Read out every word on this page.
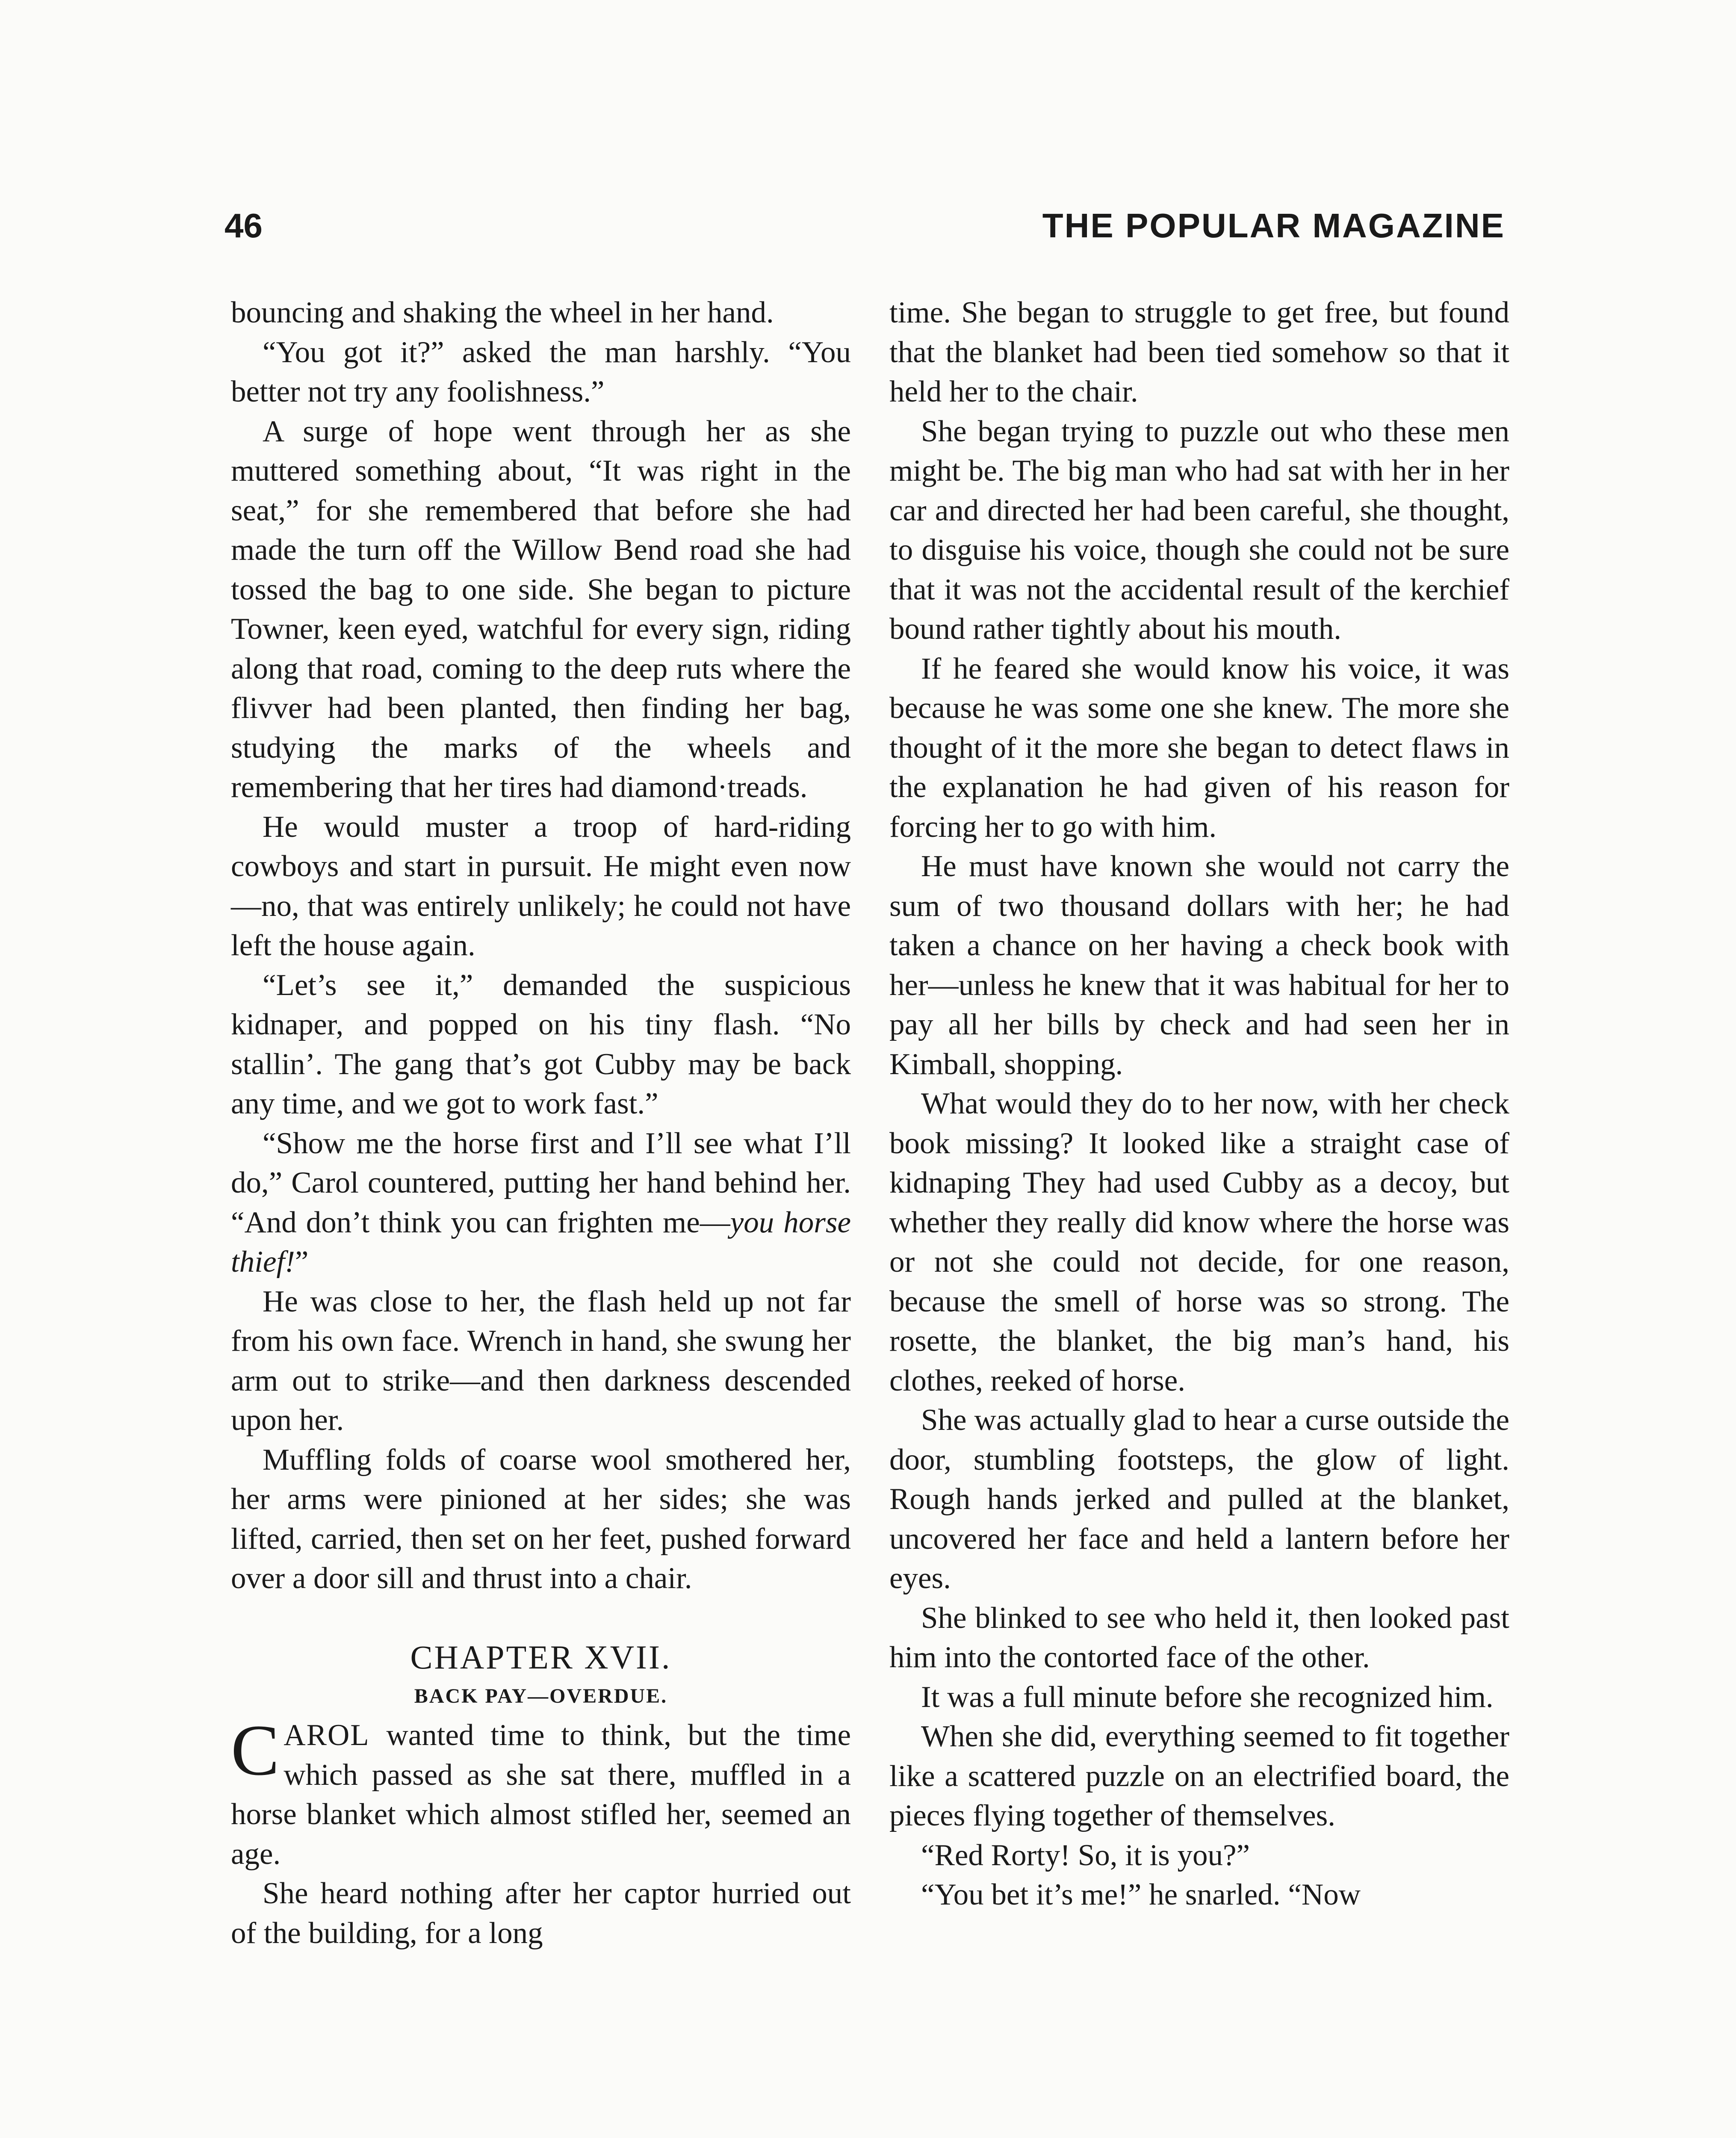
46	THE POPULAR MAGAZINE

bouncing and shaking the wheel in her hand.

“You got it?” asked the man harshly. “You better not try any foolishness.”

A surge of hope went through her as she muttered something about, “It was right in the seat,” for she remembered that before she had made the turn off the Willow Bend road she had tossed the bag to one side. She began to picture Towner, keen eyed, watchful for every sign, riding along that road, coming to the deep ruts where the flivver had been planted, then finding her bag, studying the marks of the wheels and remembering that her tires had diamond·treads.

He would muster a troop of hard-riding cowboys and start in pursuit. He might even now—no, that was entirely unlikely; he could not have left the house again.

“Let’s see it,” demanded the suspicious kidnaper, and popped on his tiny flash. “No stallin’. The gang that’s got Cubby may be back any time, and we got to work fast.”

“Show me the horse first and I’ll see what I’ll do,” Carol countered, putting her hand behind her. “And don’t think you can frighten me—you horse thief!”

He was close to her, the flash held up not far from his own face. Wrench in hand, she swung her arm out to strike—and then darkness descended upon her.

Muffling folds of coarse wool smothered her, her arms were pinioned at her sides; she was lifted, carried, then set on her feet, pushed forward over a door sill and thrust into a chair.

CHAPTER XVII.
BACK PAY—OVERDUE.

CAROL wanted time to think, but the time which passed as she sat there, muffled in a horse blanket which almost stifled her, seemed an age.

She heard nothing after her captor hurried out of the building, for a long

time. She began to struggle to get free, but found that the blanket had been tied somehow so that it held her to the chair.

She began trying to puzzle out who these men might be. The big man who had sat with her in her car and directed her had been careful, she thought, to disguise his voice, though she could not be sure that it was not the accidental result of the kerchief bound rather tightly about his mouth.

If he feared she would know his voice, it was because he was some one she knew. The more she thought of it the more she began to detect flaws in the explanation he had given of his reason for forcing her to go with him.

He must have known she would not carry the sum of two thousand dollars with her; he had taken a chance on her having a check book with her—unless he knew that it was habitual for her to pay all her bills by check and had seen her in Kimball, shopping.

What would they do to her now, with her check book missing? It looked like a straight case of kidnaping They had used Cubby as a decoy, but whether they really did know where the horse was or not she could not decide, for one reason, because the smell of horse was so strong. The rosette, the blanket, the big man’s hand, his clothes, reeked of horse.

She was actually glad to hear a curse outside the door, stumbling footsteps, the glow of light. Rough hands jerked and pulled at the blanket, uncovered her face and held a lantern before her eyes.

She blinked to see who held it, then looked past him into the contorted face of the other.

It was a full minute before she recognized him.

When she did, everything seemed to fit together like a scattered puzzle on an electrified board, the pieces flying together of themselves.

“Red Rorty! So, it is you?”

“You bet it’s me!” he snarled. “Now
